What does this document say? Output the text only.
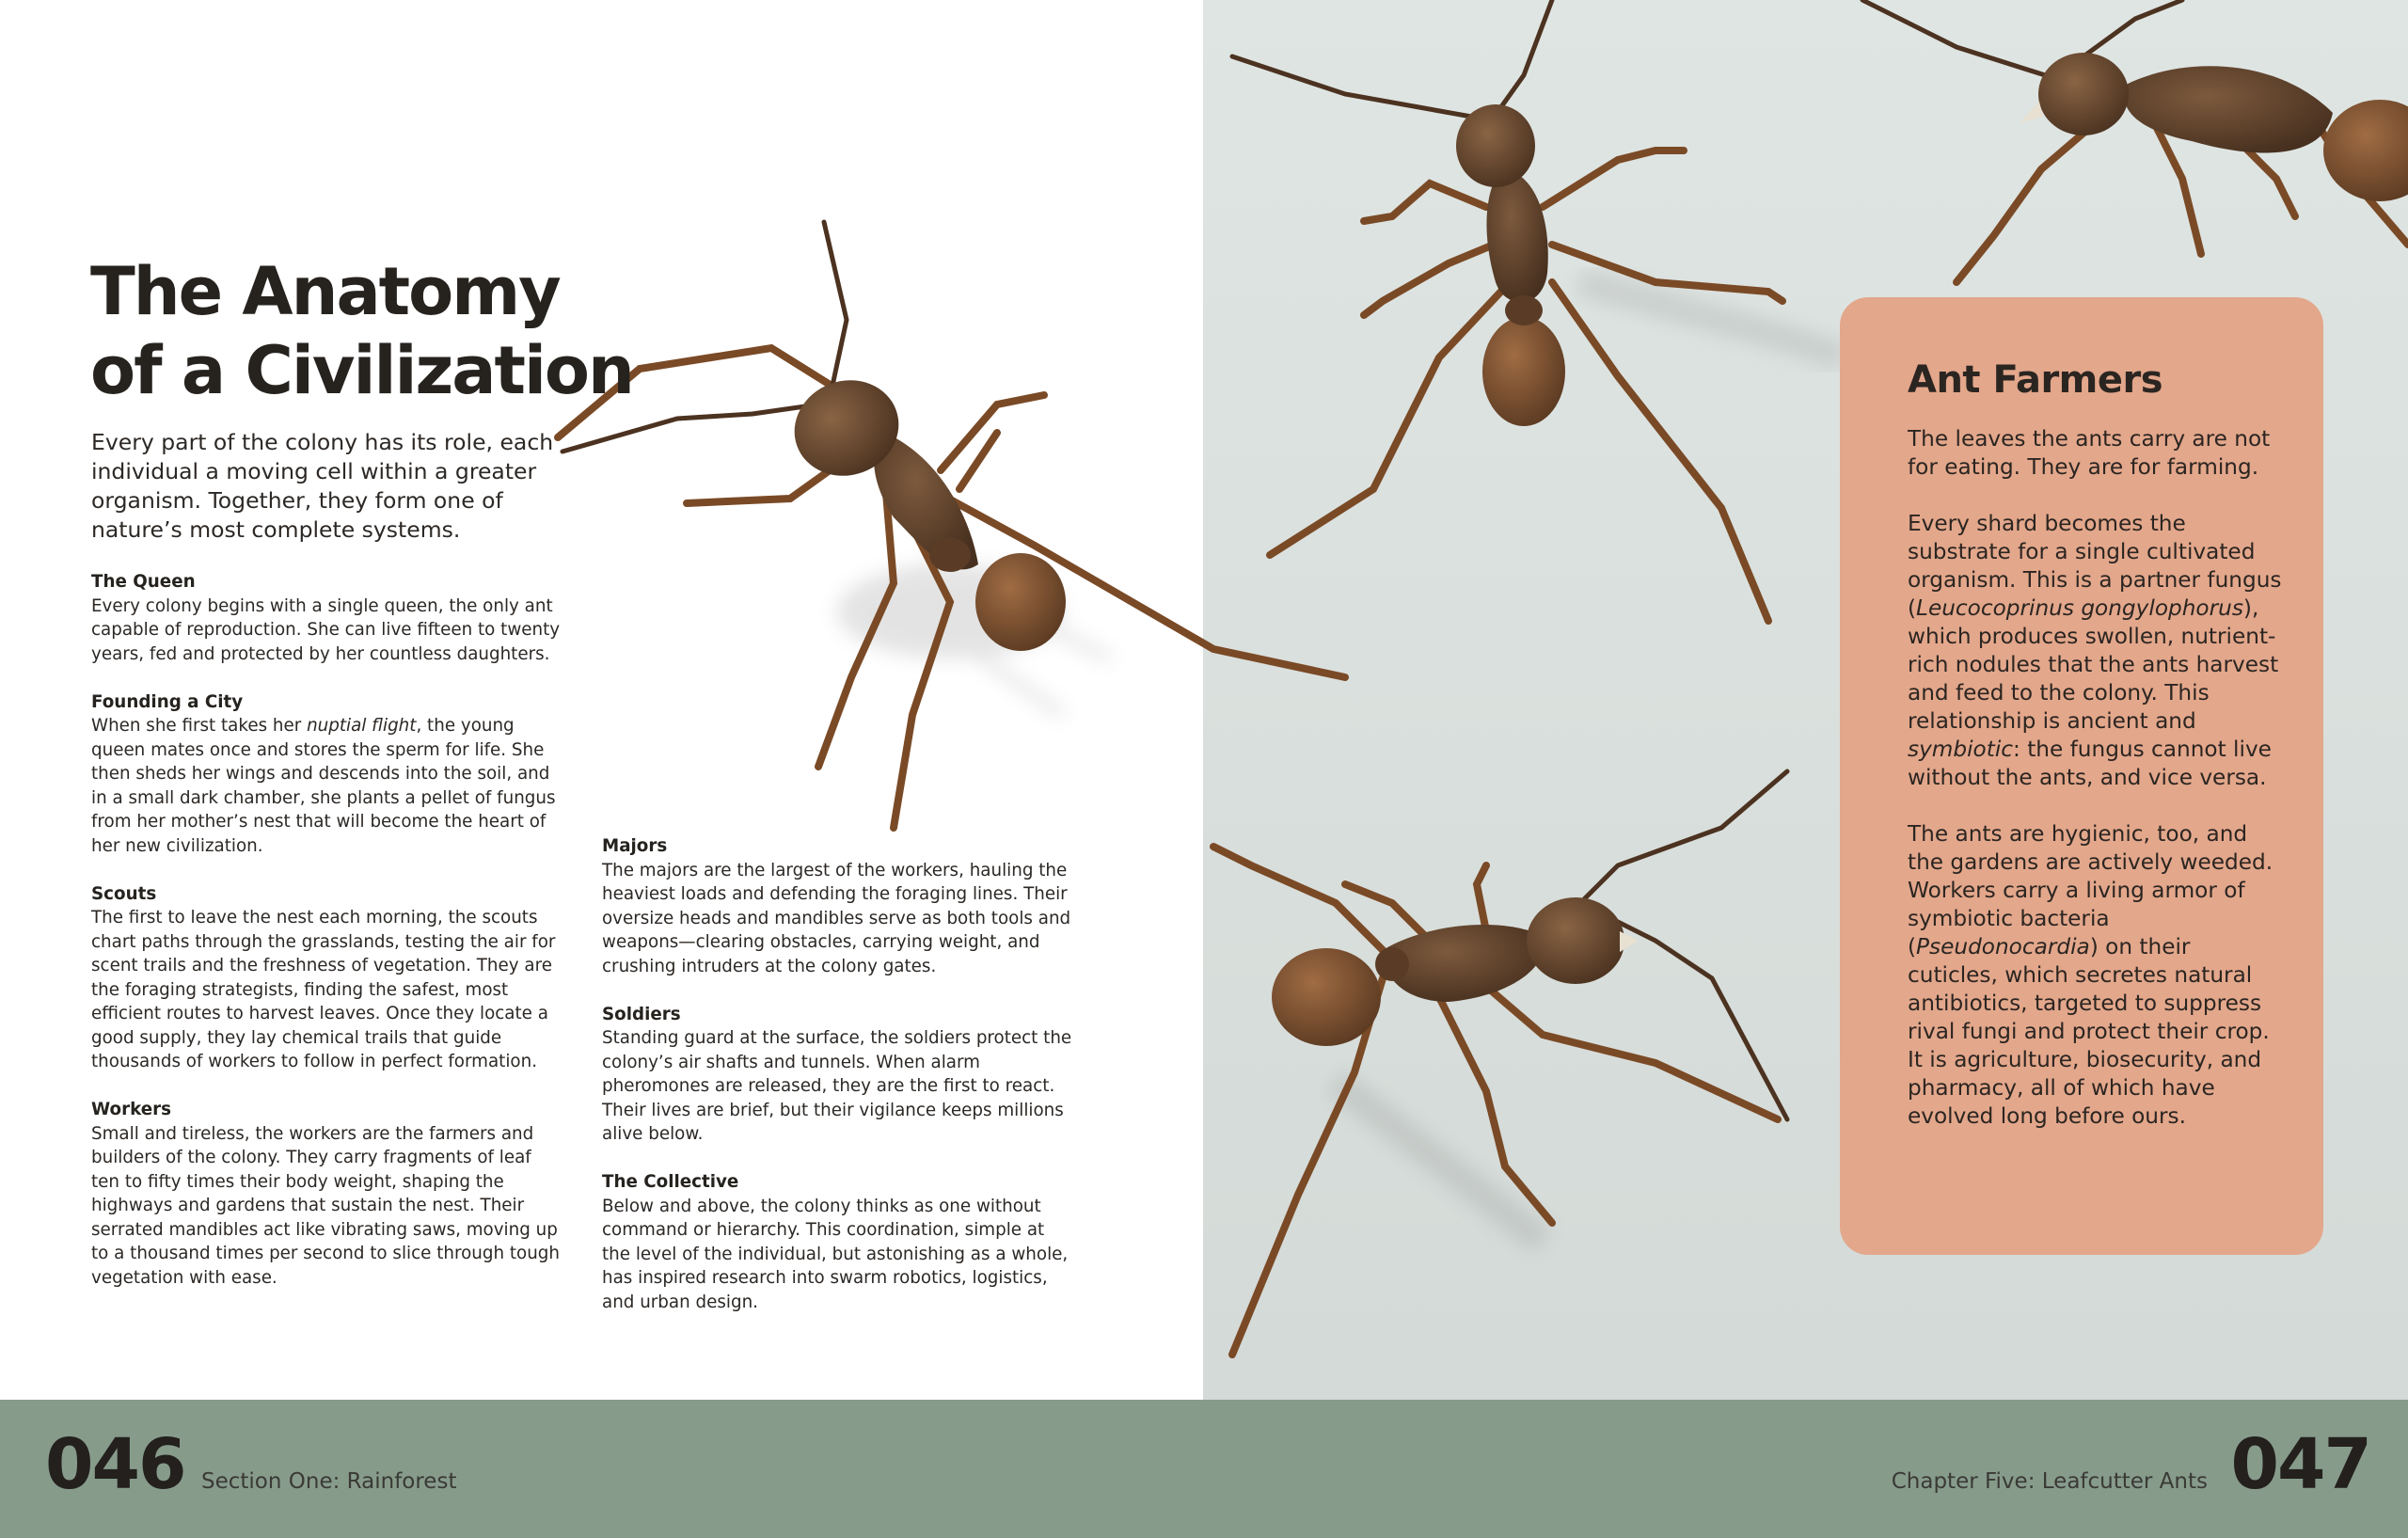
The Anatomy
of a Civilization

Every part of the colony has its role, each individual a moving cell within a greater organism. Together, they form one of nature’s most complete systems.

The Queen

Every colony begins with a single queen, the only ant capable of reproduction. She can live fifteen to twenty years, fed and protected by her countless daughters.

Founding a City

When she first takes her nuptial flight, the young queen mates once and stores the sperm for life. She then sheds her wings and descends into the soil, and in a small dark chamber, she plants a pellet of fungus from her mother’s nest that will become the heart of her new civilization.

Scouts

The first to leave the nest each morning, the scouts chart paths through the grasslands, testing the air for scent trails and the freshness of vegetation. They are the foraging strategists, finding the safest, most efficient routes to harvest leaves. Once they locate a good supply, they lay chemical trails that guide thousands of workers to follow in perfect formation.

Workers

Small and tireless, the workers are the farmers and builders of the colony. They carry fragments of leaf ten to fifty times their body weight, shaping the highways and gardens that sustain the nest. Their serrated mandibles act like vibrating saws, moving up to a thousand times per second to slice through tough vegetation with ease.

Majors

The majors are the largest of the workers, hauling the heaviest loads and defending the foraging lines. Their oversize heads and mandibles serve as both tools and weapons—clearing obstacles, carrying weight, and crushing intruders at the colony gates.

Soldiers

Standing guard at the surface, the soldiers protect the colony’s air shafts and tunnels. When alarm pheromones are released, they are the first to react. Their lives are brief, but their vigilance keeps millions alive below.

The Collective

Below and above, the colony thinks as one without command or hierarchy. This coordination, simple at the level of the individual, but astonishing as a whole, has inspired research into swarm robotics, logistics, and urban design.

Ant Farmers

The leaves the ants carry are not for eating. They are for farming.

Every shard becomes the substrate for a single cultivated organism. This is a partner fungus (Leucocoprinus gongylophorus), which produces swollen, nutrient-rich nodules that the ants harvest and feed to the colony. This relationship is ancient and symbiotic: the fungus cannot live without the ants, and vice versa.

The ants are hygienic, too, and the gardens are actively weeded. Workers carry a living armor of symbiotic bacteria (Pseudonocardia) on their cuticles, which secretes natural antibiotics, targeted to suppress rival fungi and protect their crop. It is agriculture, biosecurity, and pharmacy, all of which have evolved long before ours.

046 Section One: Rainforest	Chapter Five: Leafcutter Ants 047
